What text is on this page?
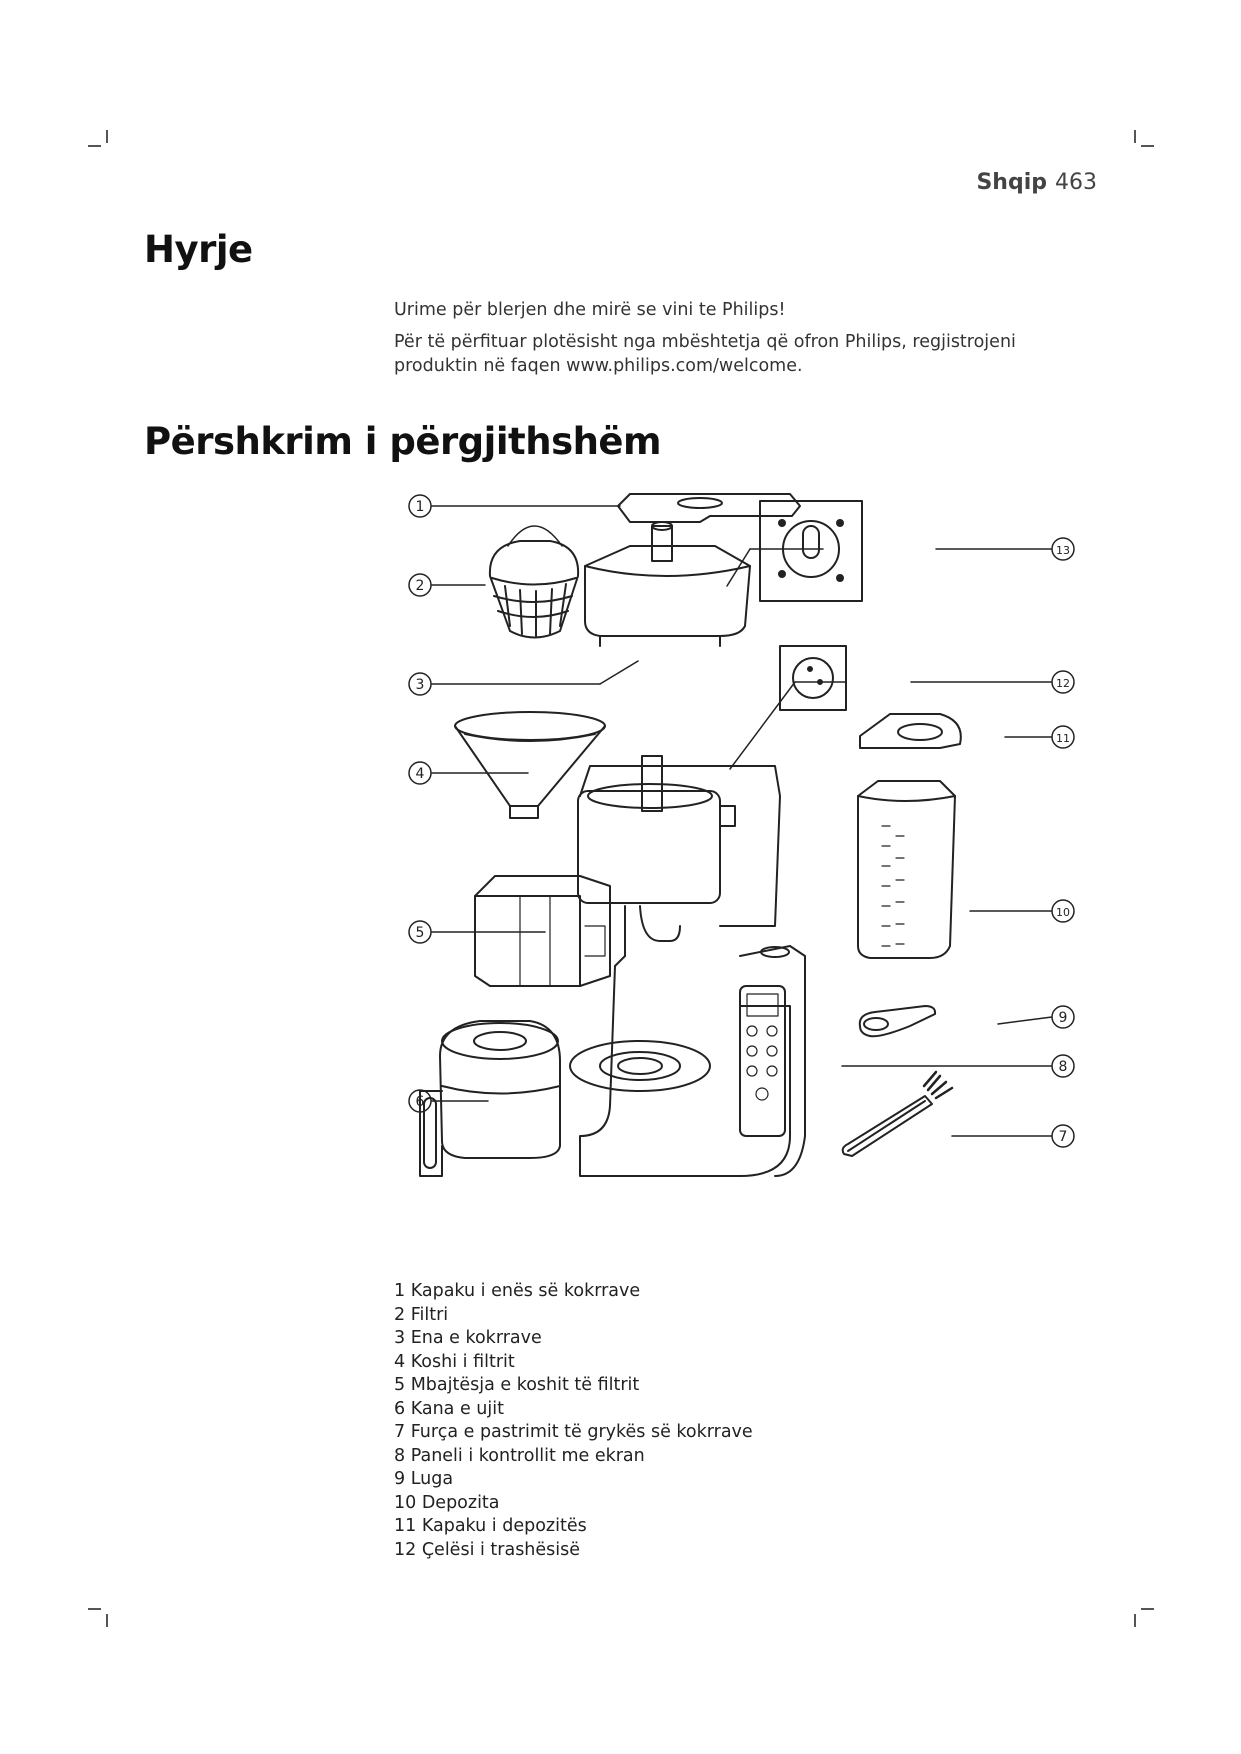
Shqip 463
Hyrje

Urime për blerjen dhe mirë se vini te Philips!

Për të përfituar plotësisht nga mbështetja që ofron Philips, regjistrojeni produktin në faqen www.philips.com/welcome.

Përshkrim i përgjithshëm
1
2
3
4
5
6
7
8
9
10
11
12
13
1 Kapaku i enës së kokrrave
2 Filtri
3 Ena e kokrrave
4 Koshi i filtrit
5 Mbajtësja e koshit të filtrit
6 Kana e ujit
7 Furça e pastrimit të grykës së kokrrave
8 Paneli i kontrollit me ekran
9 Luga
10 Depozita
11 Kapaku i depozitës
12 Çelësi i trashësisë
